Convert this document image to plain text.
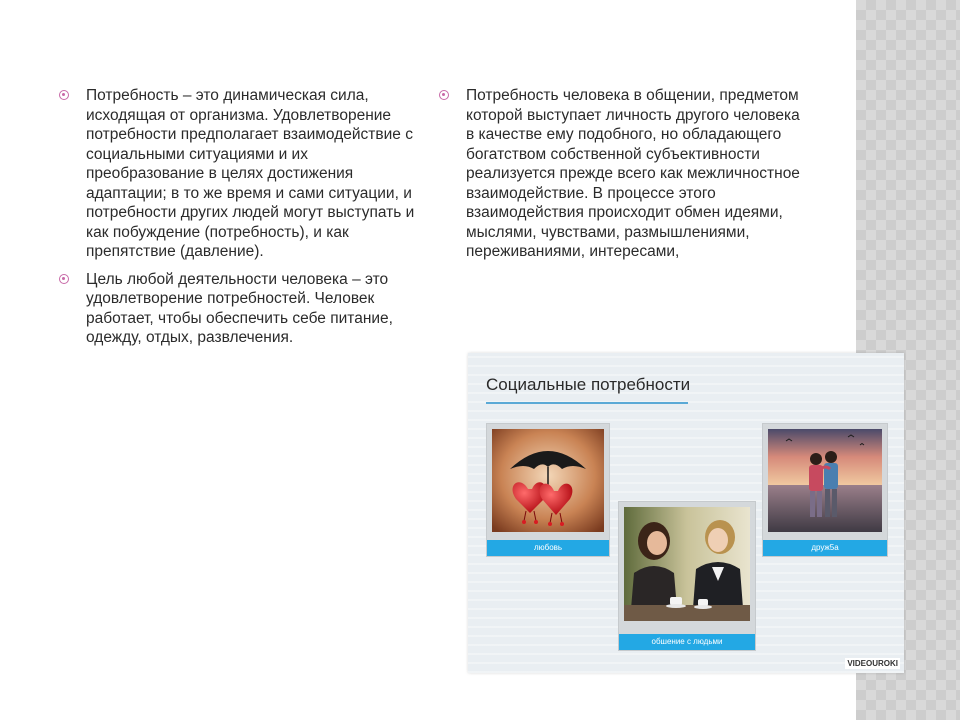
Потребность – это динамическая сила, исходящая от организма. Удовлетворение потребности предполагает взаимодействие с социальными ситуациями и их преобразование в целях достижения адаптации; в то же время и сами ситуации, и потребности других людей могут выступать и как побуждение (потребность), и как препятствие (давление).

Цель любой деятельности человека – это удовлетворение потребностей. Человек работает, чтобы обеспечить себе питание, одежду, отдых, развлечения.

Потребность человека в общении, предметом которой выступает личность другого человека в качестве ему подобного, но обладающего богатством собственной субъективности реализуется прежде всего как межличностное взаимодействие. В процессе этого взаимодействия происходит обмен идеями, мыслями, чувствами, размышлениями, переживаниями, интересами,

Социальные потребности
любовь
обшение с людьми
друж5а
VIDEOUROKI
